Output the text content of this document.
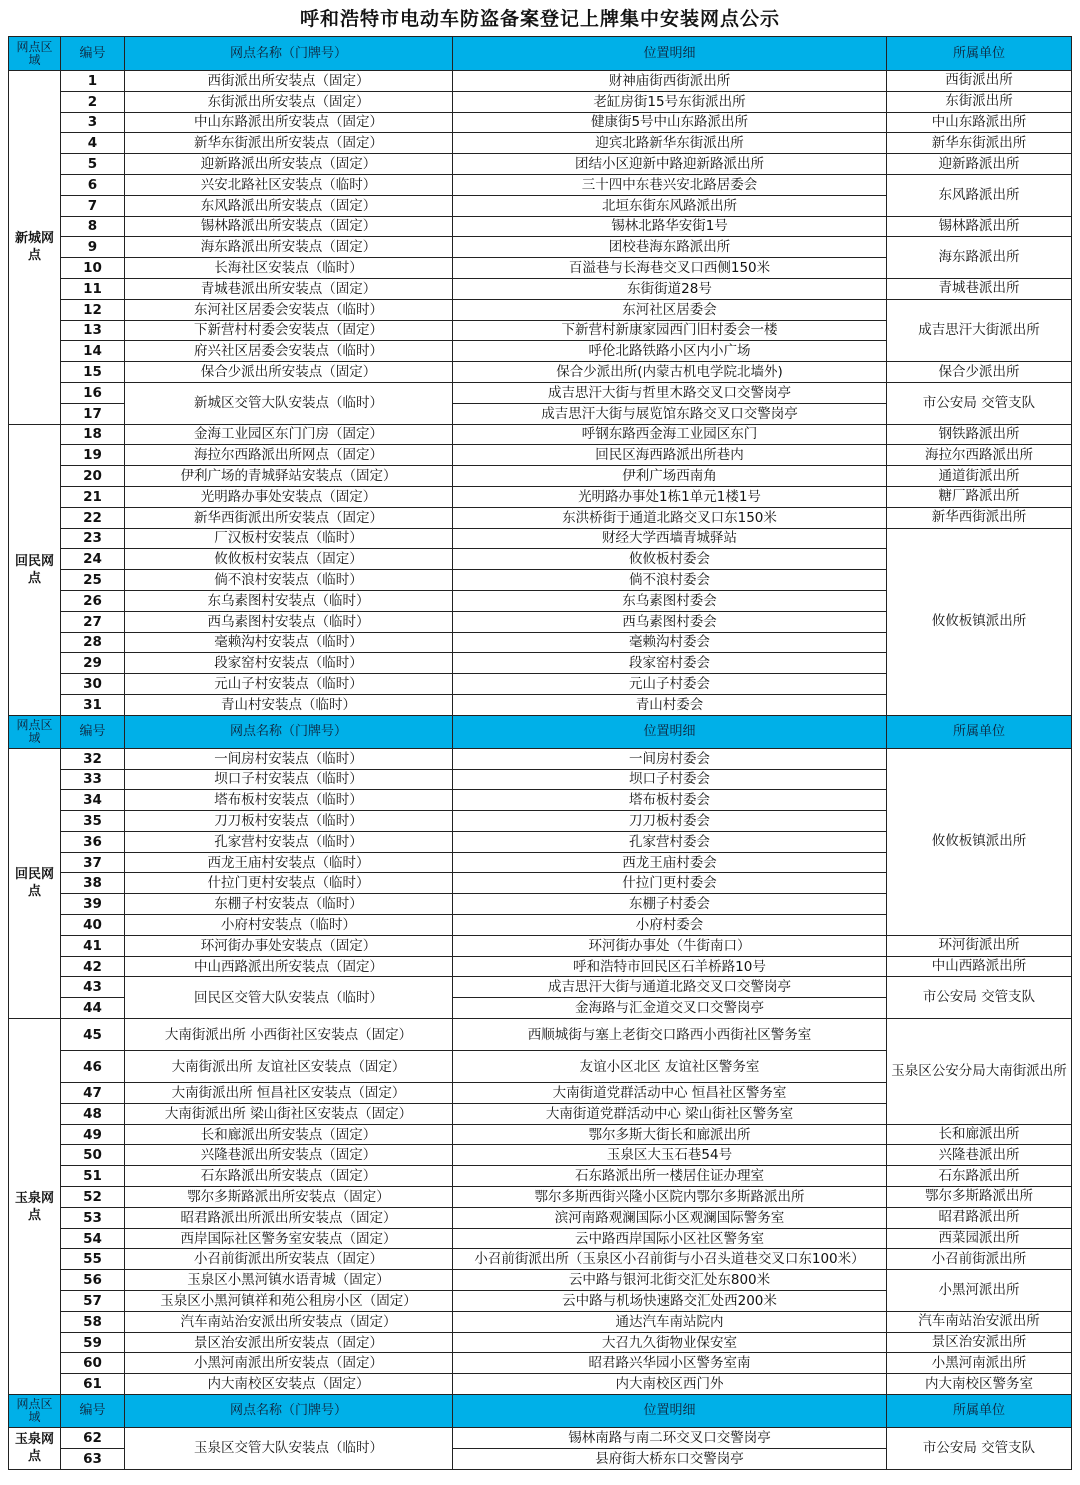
呼和浩特市电动车防盗备案登记上牌集中安装网点公示
网点区域	编号	网点名称（门牌号）	位置明细	所属单位
新城网点	1	西街派出所安装点（固定）	财神庙街西街派出所	西街派出所
	2	东街派出所安装点（固定）	老缸房街15号东街派出所	东街派出所
	3	中山东路派出所安装点（固定）	健康街5号中山东路派出所	中山东路派出所
	4	新华东街派出所安装点（固定）	迎宾北路新华东街派出所	新华东街派出所
	5	迎新路派出所安装点（固定）	团结小区迎新中路迎新路派出所	迎新路派出所
	6	兴安北路社区安装点（临时）	三十四中东巷兴安北路居委会	东风路派出所
	7	东风路派出所安装点（固定）	北垣东街东风路派出所	
	8	锡林路派出所安装点（固定）	锡林北路华安街1号	锡林路派出所
	9	海东路派出所安装点（固定）	团校巷海东路派出所	海东路派出所
	10	长海社区安装点（临时）	百溢巷与长海巷交叉口西侧150米	
	11	青城巷派出所安装点（固定）	东街街道28号	青城巷派出所
	12	东河社区居委会安装点（临时）	东河社区居委会	成吉思汗大街派出所
	13	下新营村村委会安装点（固定）	下新营村新康家园西门旧村委会一楼	
	14	府兴社区居委会安装点（临时）	呼伦北路铁路小区内小广场	
	15	保合少派出所安装点（固定）	保合少派出所(内蒙古机电学院北墙外)	保合少派出所
	16	新城区交管大队安装点（临时）	成吉思汗大街与哲里木路交叉口交警岗亭	市公安局 交管支队
	17		成吉思汗大街与展览馆东路交叉口交警岗亭	
回民网点	18	金海工业园区东门门房（固定）	呼钢东路西金海工业园区东门	钢铁路派出所
	19	海拉尔西路派出所网点（固定）	回民区海西路派出所巷内	海拉尔西路派出所
	20	伊利广场的青城驿站安装点（固定）	伊利广场西南角	通道街派出所
	21	光明路办事处安装点（固定）	光明路办事处1栋1单元1楼1号	糖厂路派出所
	22	新华西街派出所安装点（固定）	东洪桥街于通道北路交叉口东150米	新华西街派出所
	23	厂汉板村安装点（临时）	财经大学西墙青城驿站	攸攸板镇派出所
	24	攸攸板村安装点（固定）	攸攸板村委会	
	25	倘不浪村安装点（临时）	倘不浪村委会	
	26	东乌素图村安装点（临时）	东乌素图村委会	
	27	西乌素图村安装点（临时）	西乌素图村委会	
	28	毫赖沟村安装点（临时）	毫赖沟村委会	
	29	段家窑村安装点（临时）	段家窑村委会	
	30	元山子村安装点（临时）	元山子村委会	
	31	青山村安装点（临时）	青山村委会	
网点区域	编号	网点名称（门牌号）	位置明细	所属单位
回民网点	32	一间房村安装点（临时）	一间房村委会	攸攸板镇派出所
	33	坝口子村安装点（临时）	坝口子村委会	
	34	塔布板村安装点（临时）	塔布板村委会	
	35	刀刀板村安装点（临时）	刀刀板村委会	
	36	孔家营村安装点（临时）	孔家营村委会	
	37	西龙王庙村安装点（临时）	西龙王庙村委会	
	38	什拉门更村安装点（临时）	什拉门更村委会	
	39	东棚子村安装点（临时）	东棚子村委会	
	40	小府村安装点（临时）	小府村委会	
	41	环河街办事处安装点（固定）	环河街办事处（牛街南口）	环河街派出所
	42	中山西路派出所安装点（固定）	呼和浩特市回民区石羊桥路10号	中山西路派出所
	43	回民区交管大队安装点（临时）	成吉思汗大街与通道北路交叉口交警岗亭	市公安局 交管支队
	44		金海路与汇金道交叉口交警岗亭	
玉泉网点	45	大南街派出所 小西街社区安装点（固定）	西顺城街与塞上老街交口路西小西街社区警务室	玉泉区公安分局大南街派出所
	46	大南街派出所 友谊社区安装点（固定）	友谊小区北区 友谊社区警务室	
	47	大南街派出所 恒昌社区安装点（固定）	大南街道党群活动中心 恒昌社区警务室	
	48	大南街派出所 梁山街社区安装点（固定）	大南街道党群活动中心 梁山街社区警务室	
	49	长和廊派出所安装点（固定）	鄂尔多斯大街长和廊派出所	长和廊派出所
	50	兴隆巷派出所安装点（固定）	玉泉区大玉石巷54号	兴隆巷派出所
	51	石东路派出所安装点（固定）	石东路派出所一楼居住证办理室	石东路派出所
	52	鄂尔多斯路派出所安装点（固定）	鄂尔多斯西街兴隆小区院内鄂尔多斯路派出所	鄂尔多斯路派出所
	53	昭君路派出所派出所安装点（固定）	滨河南路观澜国际小区观澜国际警务室	昭君路派出所
	54	西岸国际社区警务室安装点（固定）	云中路西岸国际小区社区警务室	西菜园派出所
	55	小召前街派出所安装点（固定）	小召前街派出所（玉泉区小召前街与小召头道巷交叉口东100米）	小召前街派出所
	56	玉泉区小黑河镇水语青城（固定）	云中路与银河北街交汇处东800米	小黑河派出所
	57	玉泉区小黑河镇祥和苑公租房小区（固定）	云中路与机场快速路交汇处西200米	
	58	汽车南站治安派出所安装点（固定）	通达汽车南站院内	汽车南站治安派出所
	59	景区治安派出所安装点（固定）	大召九久街物业保安室	景区治安派出所
	60	小黑河南派出所安装点（固定）	昭君路兴华园小区警务室南	小黑河南派出所
	61	内大南校区安装点（固定）	内大南校区西门外	内大南校区警务室
网点区域	编号	网点名称（门牌号）	位置明细	所属单位
玉泉网点	62	玉泉区交管大队安装点（临时）	锡林南路与南二环交叉口交警岗亭	市公安局 交管支队
	63		县府街大桥东口交警岗亭	
